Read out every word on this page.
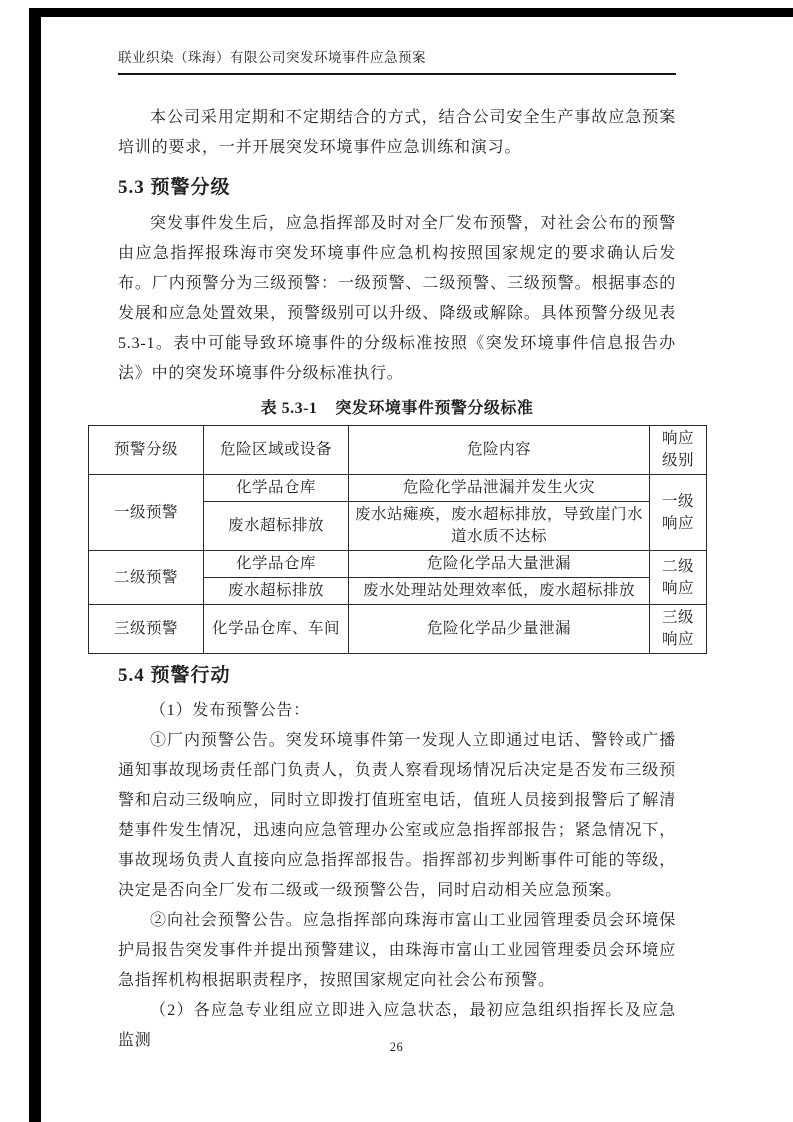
联业织染（珠海）有限公司突发环境事件应急预案

本公司采用定期和不定期结合的方式，结合公司安全生产事故应急预案培训的要求，一并开展突发环境事件应急训练和演习。

5.3 预警分级

突发事件发生后，应急指挥部及时对全厂发布预警，对社会公布的预警由应急指挥报珠海市突发环境事件应急机构按照国家规定的要求确认后发布。厂内预警分为三级预警：一级预警、二级预警、三级预警。根据事态的发展和应急处置效果，预警级别可以升级、降级或解除。具体预警分级见表 5.3-1。表中可能导致环境事件的分级标准按照《突发环境事件信息报告办法》中的突发环境事件分级标准执行。

表 5.3-1 突发环境事件预警分级标准
预警分级	危险区域或设备	危险内容	响应级别
一级预警	化学品仓库	危险化学品泄漏并发生火灾	一级响应
	废水超标排放	废水站瘫痪，废水超标排放，导致崖门水道水质不达标	
二级预警	化学品仓库	危险化学品大量泄漏	二级响应
	废水超标排放	废水处理站处理效率低，废水超标排放	
三级预警	化学品仓库、车间	危险化学品少量泄漏	三级响应
5.4 预警行动

（1）发布预警公告：

①厂内预警公告。突发环境事件第一发现人立即通过电话、警铃或广播通知事故现场责任部门负责人，负责人察看现场情况后决定是否发布三级预警和启动三级响应，同时立即拨打值班室电话，值班人员接到报警后了解清楚事件发生情况，迅速向应急管理办公室或应急指挥部报告；紧急情况下，事故现场负责人直接向应急指挥部报告。指挥部初步判断事件可能的等级，决定是否向全厂发布二级或一级预警公告，同时启动相关应急预案。

②向社会预警公告。应急指挥部向珠海市富山工业园管理委员会环境保护局报告突发事件并提出预警建议，由珠海市富山工业园管理委员会环境应急指挥机构根据职责程序，按照国家规定向社会公布预警。

（2）各应急专业组应立即进入应急状态，最初应急组织指挥长及应急监测	26
